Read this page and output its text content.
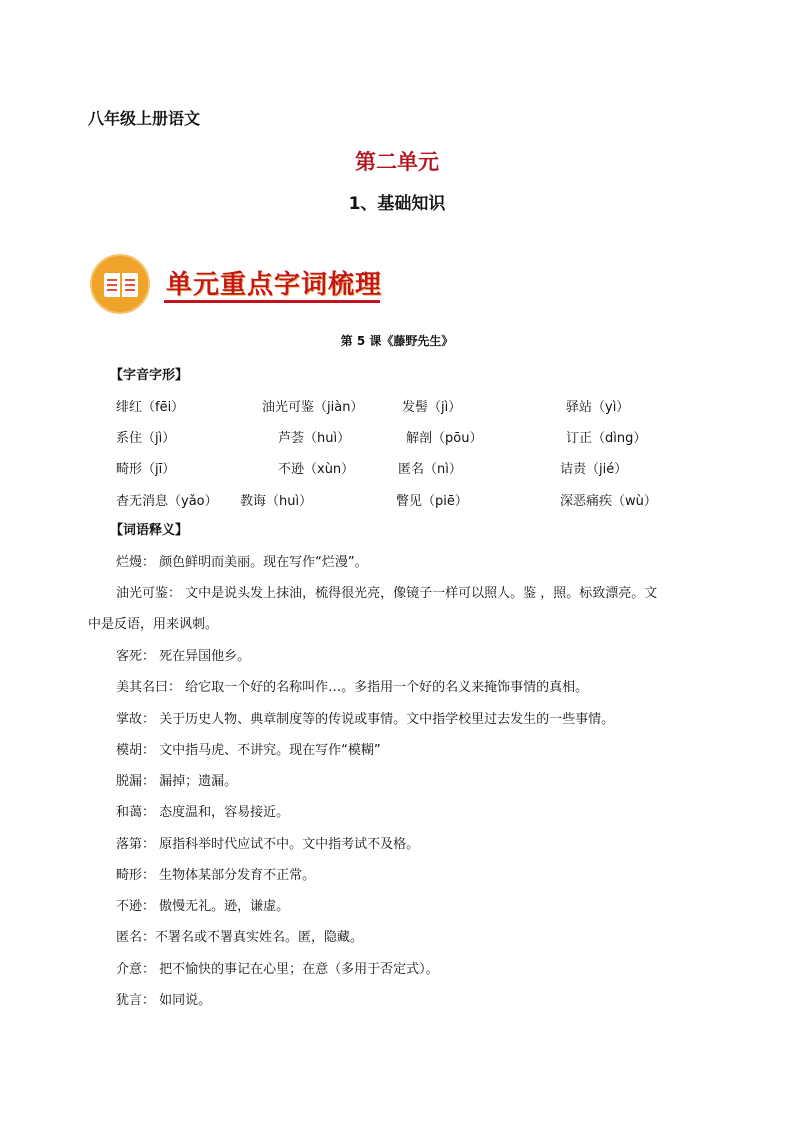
八年级上册语文
第二单元
1、基础知识
单元重点字词梳理
第 5 课《藤野先生》
【字音字形】
绯红（fēi）	油光可鉴（jiàn）	发髻（jì）	驿站（yì）
系住（jì）	芦荟（huì）	解剖（pōu）	订正（dìng）
畸形（jī）	不逊（xùn）	匿名（nì）	诘责（jié）
杳无消息（yǎo） 教诲（huì）	瞥见（piē）	深恶痛疾（wù）
【词语释义】
烂熳： 颜色鲜明而美丽。现在写作“烂漫”。
油光可鉴： 文中是说头发上抹油，梳得很光亮，像镜子一样可以照人。鉴 ，照。标致漂亮。文
中是反语，用来讽刺。
客死： 死在异国他乡。
美其名曰： 给它取一个好的名称叫作…。多指用一个好的名义来掩饰事情的真相。
掌故： 关于历史人物、典章制度等的传说或事情。文中指学校里过去发生的一些事情。
模胡： 文中指马虎、不讲究。现在写作“模糊”
脱漏： 漏掉；遗漏。
和蔼： 态度温和，容易接近。
落第： 原指科举时代应试不中。文中指考试不及格。
畸形： 生物体某部分发育不正常。
不逊： 傲慢无礼。逊，谦虚。
匿名：不署名或不署真实姓名。匿，隐藏。
介意： 把不愉快的事记在心里；在意（多用于否定式）。
犹言： 如同说。
